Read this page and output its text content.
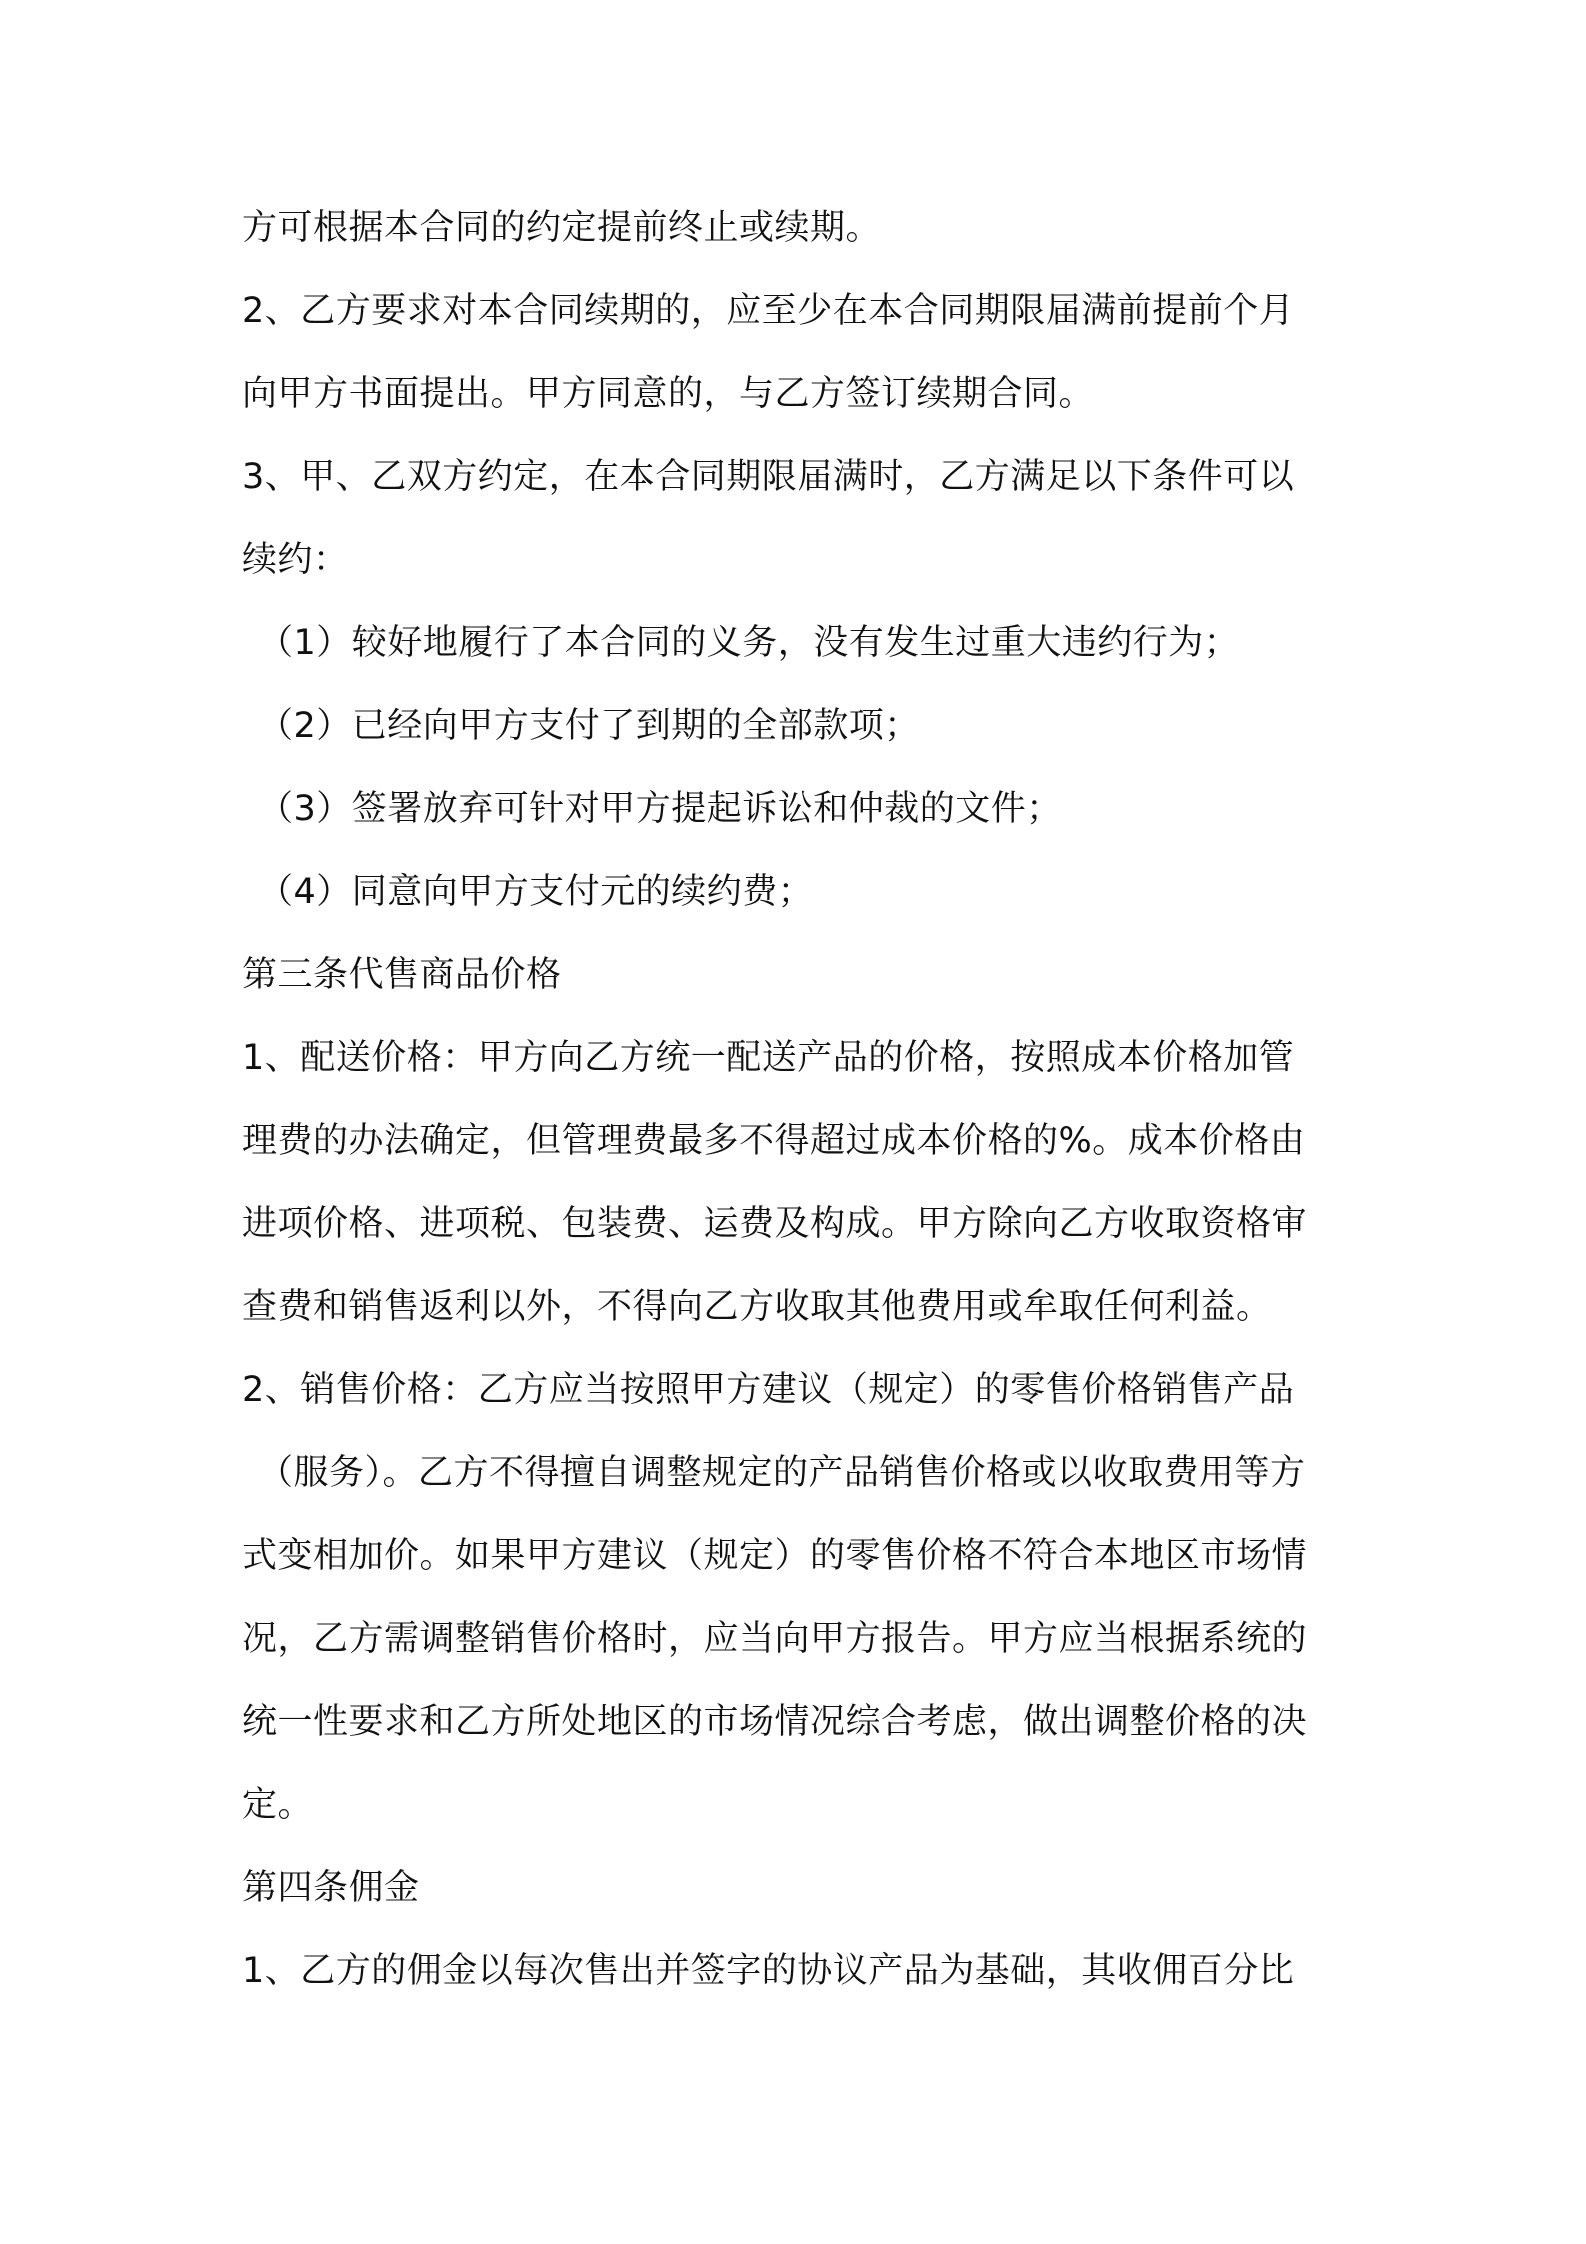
方可根据本合同的约定提前终止或续期。
2、乙方要求对本合同续期的，应至少在本合同期限届满前提前个月
向甲方书面提出。甲方同意的，与乙方签订续期合同。
3、甲、乙双方约定，在本合同期限届满时，乙方满足以下条件可以
续约：
（1）较好地履行了本合同的义务，没有发生过重大违约行为；
（2）已经向甲方支付了到期的全部款项；
（3）签署放弃可针对甲方提起诉讼和仲裁的文件；
（4）同意向甲方支付元的续约费；
第三条代售商品价格
1、配送价格：甲方向乙方统一配送产品的价格，按照成本价格加管
理费的办法确定，但管理费最多不得超过成本价格的%。成本价格由
进项价格、进项税、包装费、运费及构成。甲方除向乙方收取资格审
查费和销售返利以外，不得向乙方收取其他费用或牟取任何利益。
2、销售价格：乙方应当按照甲方建议（规定）的零售价格销售产品
（服务）。乙方不得擅自调整规定的产品销售价格或以收取费用等方
式变相加价。如果甲方建议（规定）的零售价格不符合本地区市场情
况，乙方需调整销售价格时，应当向甲方报告。甲方应当根据系统的
统一性要求和乙方所处地区的市场情况综合考虑，做出调整价格的决
定。
第四条佣金
1、乙方的佣金以每次售出并签字的协议产品为基础，其收佣百分比
